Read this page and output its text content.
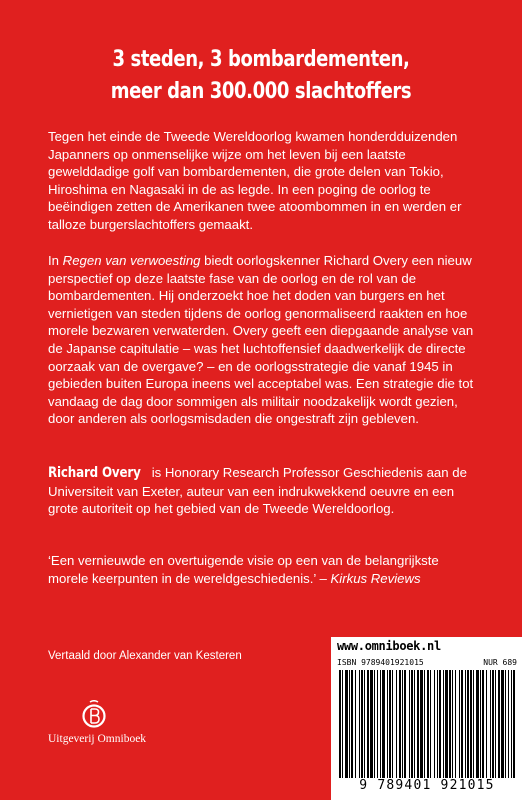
3 steden, 3 bombardementen,
meer dan 300.000 slachtoffers

Tegen het einde de Tweede Wereldoorlog kwamen honderdduizenden Japanners op onmenselijke wijze om het leven bij een laatste gewelddadige golf van bombardementen, die grote delen van Tokio, Hiroshima en Nagasaki in de as legde. In een poging de oorlog te beëindigen zetten de Amerikanen twee atoombommen in en werden er talloze burgerslachtoffers gemaakt.

In Regen van verwoesting biedt oorlogskenner Richard Overy een nieuw perspectief op deze laatste fase van de oorlog en de rol van de bombardementen. Hij onderzoekt hoe het doden van burgers en het vernietigen van steden tijdens de oorlog genormaliseerd raakten en hoe morele bezwaren verwaterden. Overy geeft een diepgaande analyse van de Japanse capitulatie – was het luchtoffensief daadwerkelijk de directe oorzaak van de overgave? – en de oorlogsstrategie die vanaf 1945 in gebieden buiten Europa ineens wel acceptabel was. Een strategie die tot vandaag de dag door sommigen als militair noodzakelijk wordt gezien, door anderen als oorlogsmisdaden die ongestraft zijn gebleven.

Richard Overy is Honorary Research Professor Geschiedenis aan de Universiteit van Exeter, auteur van een indrukwekkend oeuvre en een grote autoriteit op het gebied van de Tweede Wereldoorlog.

‘Een vernieuwde en overtuigende visie op een van de belangrijkste morele keerpunten in de wereldgeschiedenis.’ – Kirkus Reviews

Vertaald door Alexander van Kesteren
Uitgeverij Omniboek
www.omniboek.nl
ISBN 9789401921015	NUR 689
9 789401 921015
